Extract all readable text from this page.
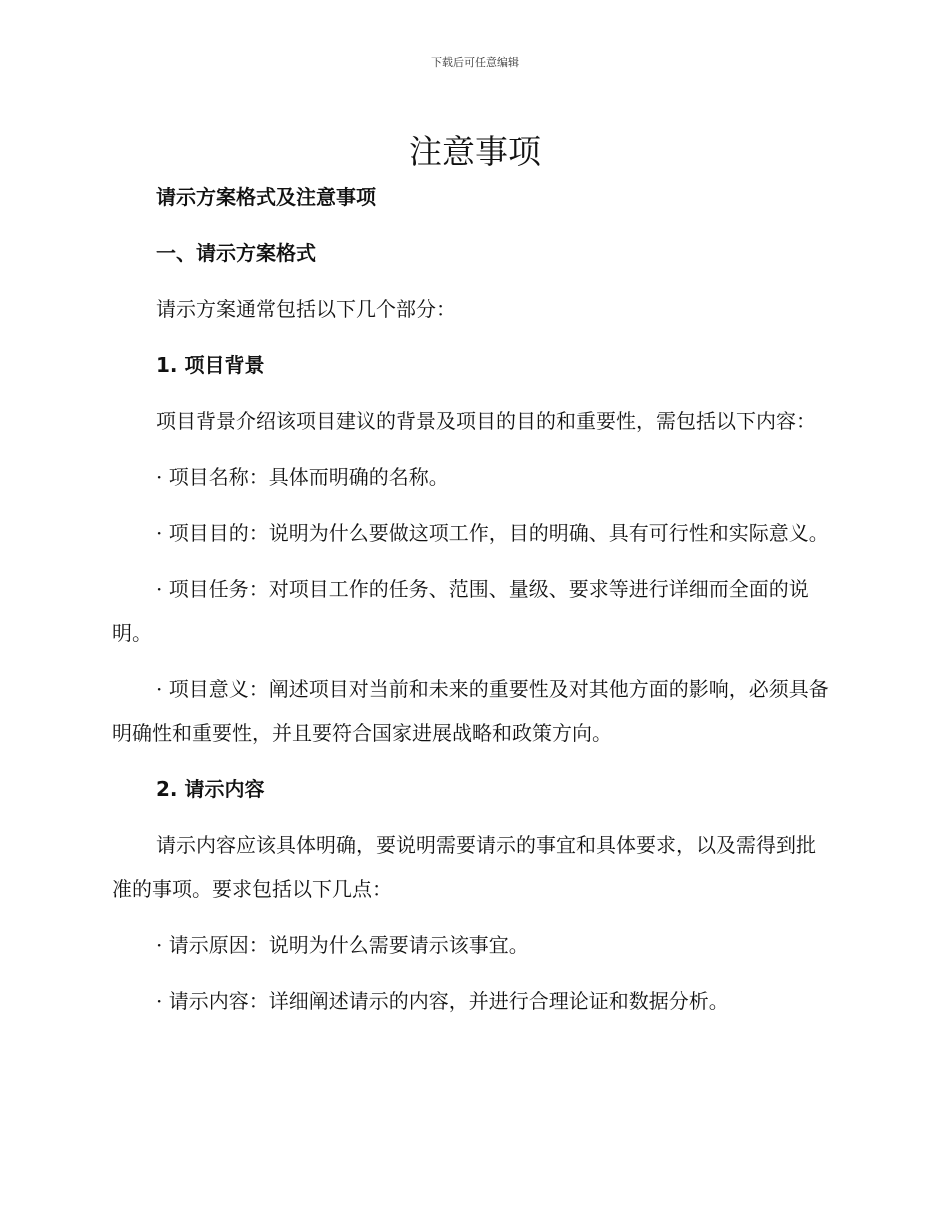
下载后可任意编辑
注意事项

请示方案格式及注意事项

一、请示方案格式

请示方案通常包括以下几个部分：

1. 项目背景

项目背景介绍该项目建议的背景及项目的目的和重要性，需包括以下内容：

· 项目名称：具体而明确的名称。

· 项目目的：说明为什么要做这项工作，目的明确、具有可行性和实际意义。

· 项目任务：对项目工作的任务、范围、量级、要求等进行详细而全面的说明。

· 项目意义：阐述项目对当前和未来的重要性及对其他方面的影响，必须具备明确性和重要性，并且要符合国家进展战略和政策方向。

2. 请示内容

请示内容应该具体明确，要说明需要请示的事宜和具体要求，以及需得到批准的事项。要求包括以下几点：

· 请示原因：说明为什么需要请示该事宜。

· 请示内容：详细阐述请示的内容，并进行合理论证和数据分析。
